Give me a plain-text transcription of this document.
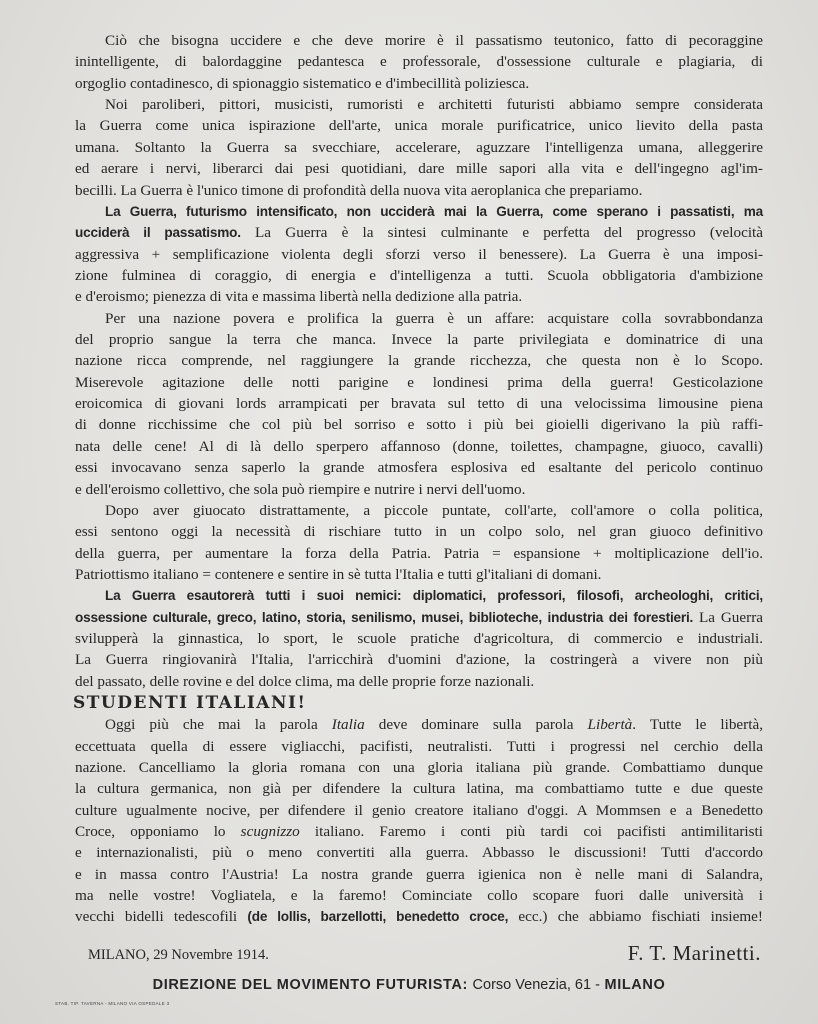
Ciò che bisogna uccidere e che deve morire è il passatismo teutonico, fatto di pecoraggine
inintelligente, di balordaggine pedantesca e professorale, d'ossessione culturale e plagiaria, di
orgoglio contadinesco, di spionaggio sistematico e d'imbecillità poliziesca.
Noi paroliberi, pittori, musicisti, rumoristi e architetti futuristi abbiamo sempre considerata
la Guerra come unica ispirazione dell'arte, unica morale purificatrice, unico lievito della pasta
umana. Soltanto la Guerra sa svecchiare, accelerare, aguzzare l'intelligenza umana, alleggerire
ed aerare i nervi, liberarci dai pesi quotidiani, dare mille sapori alla vita e dell'ingegno agl'im-
becilli. La Guerra è l'unico timone di profondità della nuova vita aeroplanica che prepariamo.
La Guerra, futurismo intensificato, non ucciderà mai la Guerra, come sperano i passatisti, ma
ucciderà il passatismo. La Guerra è la sintesi culminante e perfetta del progresso (velocità
aggressiva + semplificazione violenta degli sforzi verso il benessere). La Guerra è una imposi-
zione fulminea di coraggio, di energia e d'intelligenza a tutti. Scuola obbligatoria d'ambizione
e d'eroismo; pienezza di vita e massima libertà nella dedizione alla patria.
Per una nazione povera e prolifica la guerra è un affare: acquistare colla sovrabbondanza
del proprio sangue la terra che manca. Invece la parte privilegiata e dominatrice di una
nazione ricca comprende, nel raggiungere la grande ricchezza, che questa non è lo Scopo.
Miserevole agitazione delle notti parigine e londinesi prima della guerra! Gesticolazione
eroicomica di giovani lords arrampicati per bravata sul tetto di una velocissima limousine piena
di donne ricchissime che col più bel sorriso e sotto i più bei gioielli digerivano la più raffi-
nata delle cene! Al di là dello sperpero affannoso (donne, toilettes, champagne, giuoco, cavalli)
essi invocavano senza saperlo la grande atmosfera esplosiva ed esaltante del pericolo continuo
e dell'eroismo collettivo, che sola può riempire e nutrire i nervi dell'uomo.
Dopo aver giuocato distrattamente, a piccole puntate, coll'arte, coll'amore o colla politica,
essi sentono oggi la necessità di rischiare tutto in un colpo solo, nel gran giuoco definitivo
della guerra, per aumentare la forza della Patria. Patria = espansione + moltiplicazione dell'io.
Patriottismo italiano = contenere e sentire in sè tutta l'Italia e tutti gl'italiani di domani.
La Guerra esautorerà tutti i suoi nemici: diplomatici, professori, filosofi, archeologhi, critici,
ossessione culturale, greco, latino, storia, senilismo, musei, biblioteche, industria dei forestieri. La Guerra
svilupperà la ginnastica, lo sport, le scuole pratiche d'agricoltura, di commercio e industriali.
La Guerra ringiovanirà l'Italia, l'arricchirà d'uomini d'azione, la costringerà a vivere non più
del passato, delle rovine e del dolce clima, ma delle proprie forze nazionali.
STUDENTI ITALIANI!
Oggi più che mai la parola Italia deve dominare sulla parola Libertà. Tutte le libertà,
eccettuata quella di essere vigliacchi, pacifisti, neutralisti. Tutti i progressi nel cerchio della
nazione. Cancelliamo la gloria romana con una gloria italiana più grande. Combattiamo dunque
la cultura germanica, non già per difendere la cultura latina, ma combattiamo tutte e due queste
culture ugualmente nocive, per difendere il genio creatore italiano d'oggi. A Mommsen e a Benedetto
Croce, opponiamo lo scugnizzo italiano. Faremo i conti più tardi coi pacifisti antimilitaristi
e internazionalisti, più o meno convertiti alla guerra. Abbasso le discussioni! Tutti d'accordo
e in massa contro l'Austria! La nostra grande guerra igienica non è nelle mani di Salandra,
ma nelle vostre! Vogliatela, e la faremo! Cominciate collo scopare fuori dalle università i
vecchi bidelli tedescofili (de lollis, barzellotti, benedetto croce, ecc.) che abbiamo fischiati insieme!
MILANO, 29 Novembre 1914.	F. T. Marinetti.
DIREZIONE DEL MOVIMENTO FUTURISTA: Corso Venezia, 61 - MILANO
STAB. TIP. TAVERNA - MILANO VIA OSPEDALE 3
